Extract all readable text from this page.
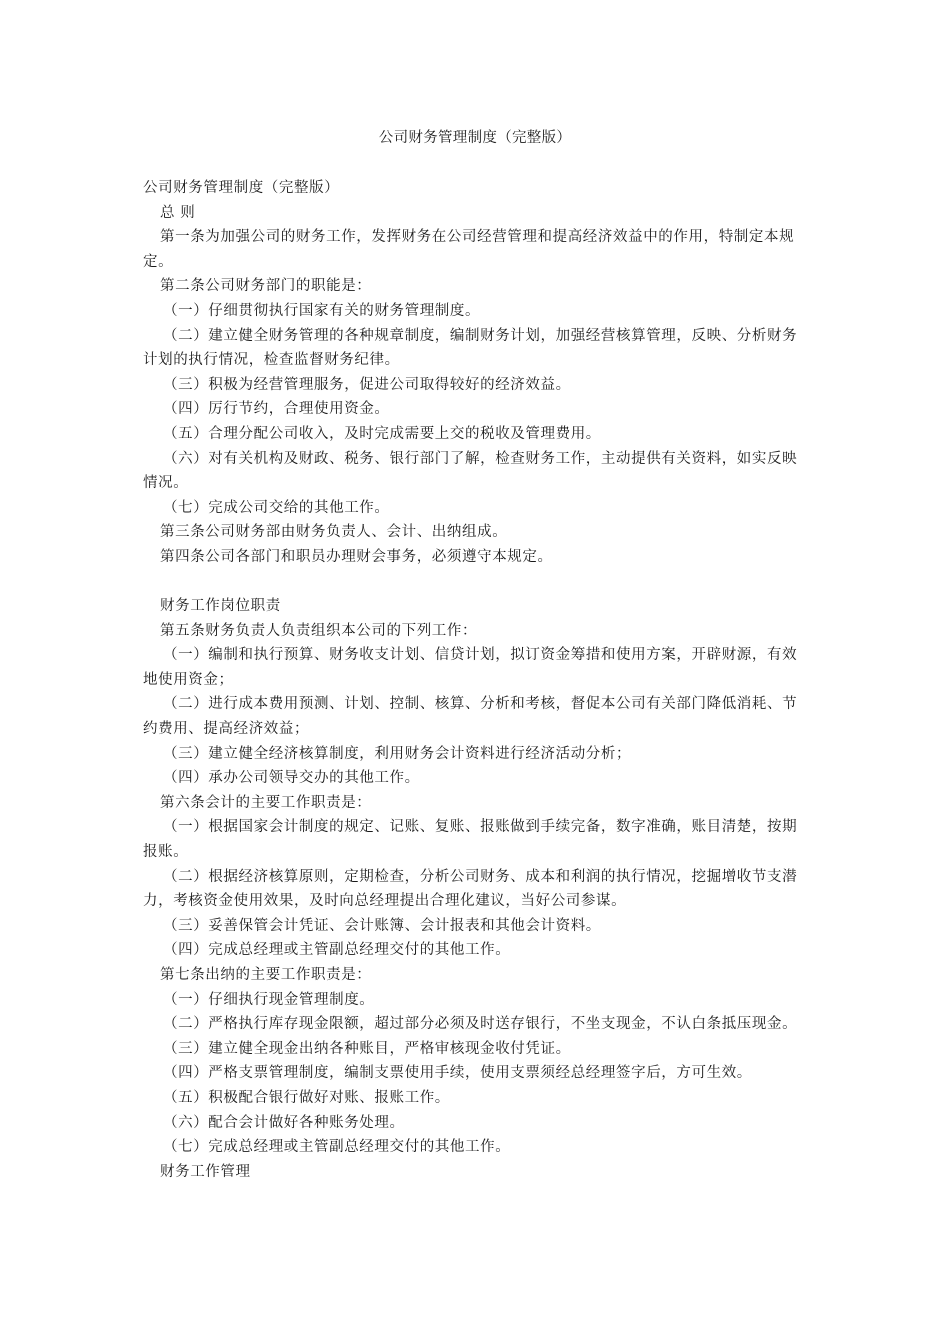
公司财务管理制度（完整版）

公司财务管理制度（完整版）

总 则

第一条为加强公司的财务工作，发挥财务在公司经营管理和提高经济效益中的作用，特制定本规定。

第二条公司财务部门的职能是：

（一）仔细贯彻执行国家有关的财务管理制度。

（二）建立健全财务管理的各种规章制度，编制财务计划，加强经营核算管理，反映、分析财务计划的执行情况，检查监督财务纪律。

（三）积极为经营管理服务，促进公司取得较好的经济效益。

（四）厉行节约，合理使用资金。

（五）合理分配公司收入，及时完成需要上交的税收及管理费用。

（六）对有关机构及财政、税务、银行部门了解，检查财务工作，主动提供有关资料，如实反映情况。

（七）完成公司交给的其他工作。

第三条公司财务部由财务负责人、会计、出纳组成。

第四条公司各部门和职员办理财会事务，必须遵守本规定。

财务工作岗位职责

第五条财务负责人负责组织本公司的下列工作：

（一）编制和执行预算、财务收支计划、信贷计划，拟订资金筹措和使用方案，开辟财源，有效地使用资金；

（二）进行成本费用预测、计划、控制、核算、分析和考核，督促本公司有关部门降低消耗、节约费用、提高经济效益；

（三）建立健全经济核算制度，利用财务会计资料进行经济活动分析；

（四）承办公司领导交办的其他工作。

第六条会计的主要工作职责是：

（一）根据国家会计制度的规定、记账、复账、报账做到手续完备，数字准确，账目清楚，按期报账。

（二）根据经济核算原则，定期检查，分析公司财务、成本和利润的执行情况，挖掘增收节支潜力，考核资金使用效果，及时向总经理提出合理化建议，当好公司参谋。

（三）妥善保管会计凭证、会计账簿、会计报表和其他会计资料。

（四）完成总经理或主管副总经理交付的其他工作。

第七条出纳的主要工作职责是：

（一）仔细执行现金管理制度。

（二）严格执行库存现金限额，超过部分必须及时送存银行，不坐支现金，不认白条抵压现金。

（三）建立健全现金出纳各种账目，严格审核现金收付凭证。

（四）严格支票管理制度，编制支票使用手续，使用支票须经总经理签字后，方可生效。

（五）积极配合银行做好对账、报账工作。

（六）配合会计做好各种账务处理。

（七）完成总经理或主管副总经理交付的其他工作。

财务工作管理
